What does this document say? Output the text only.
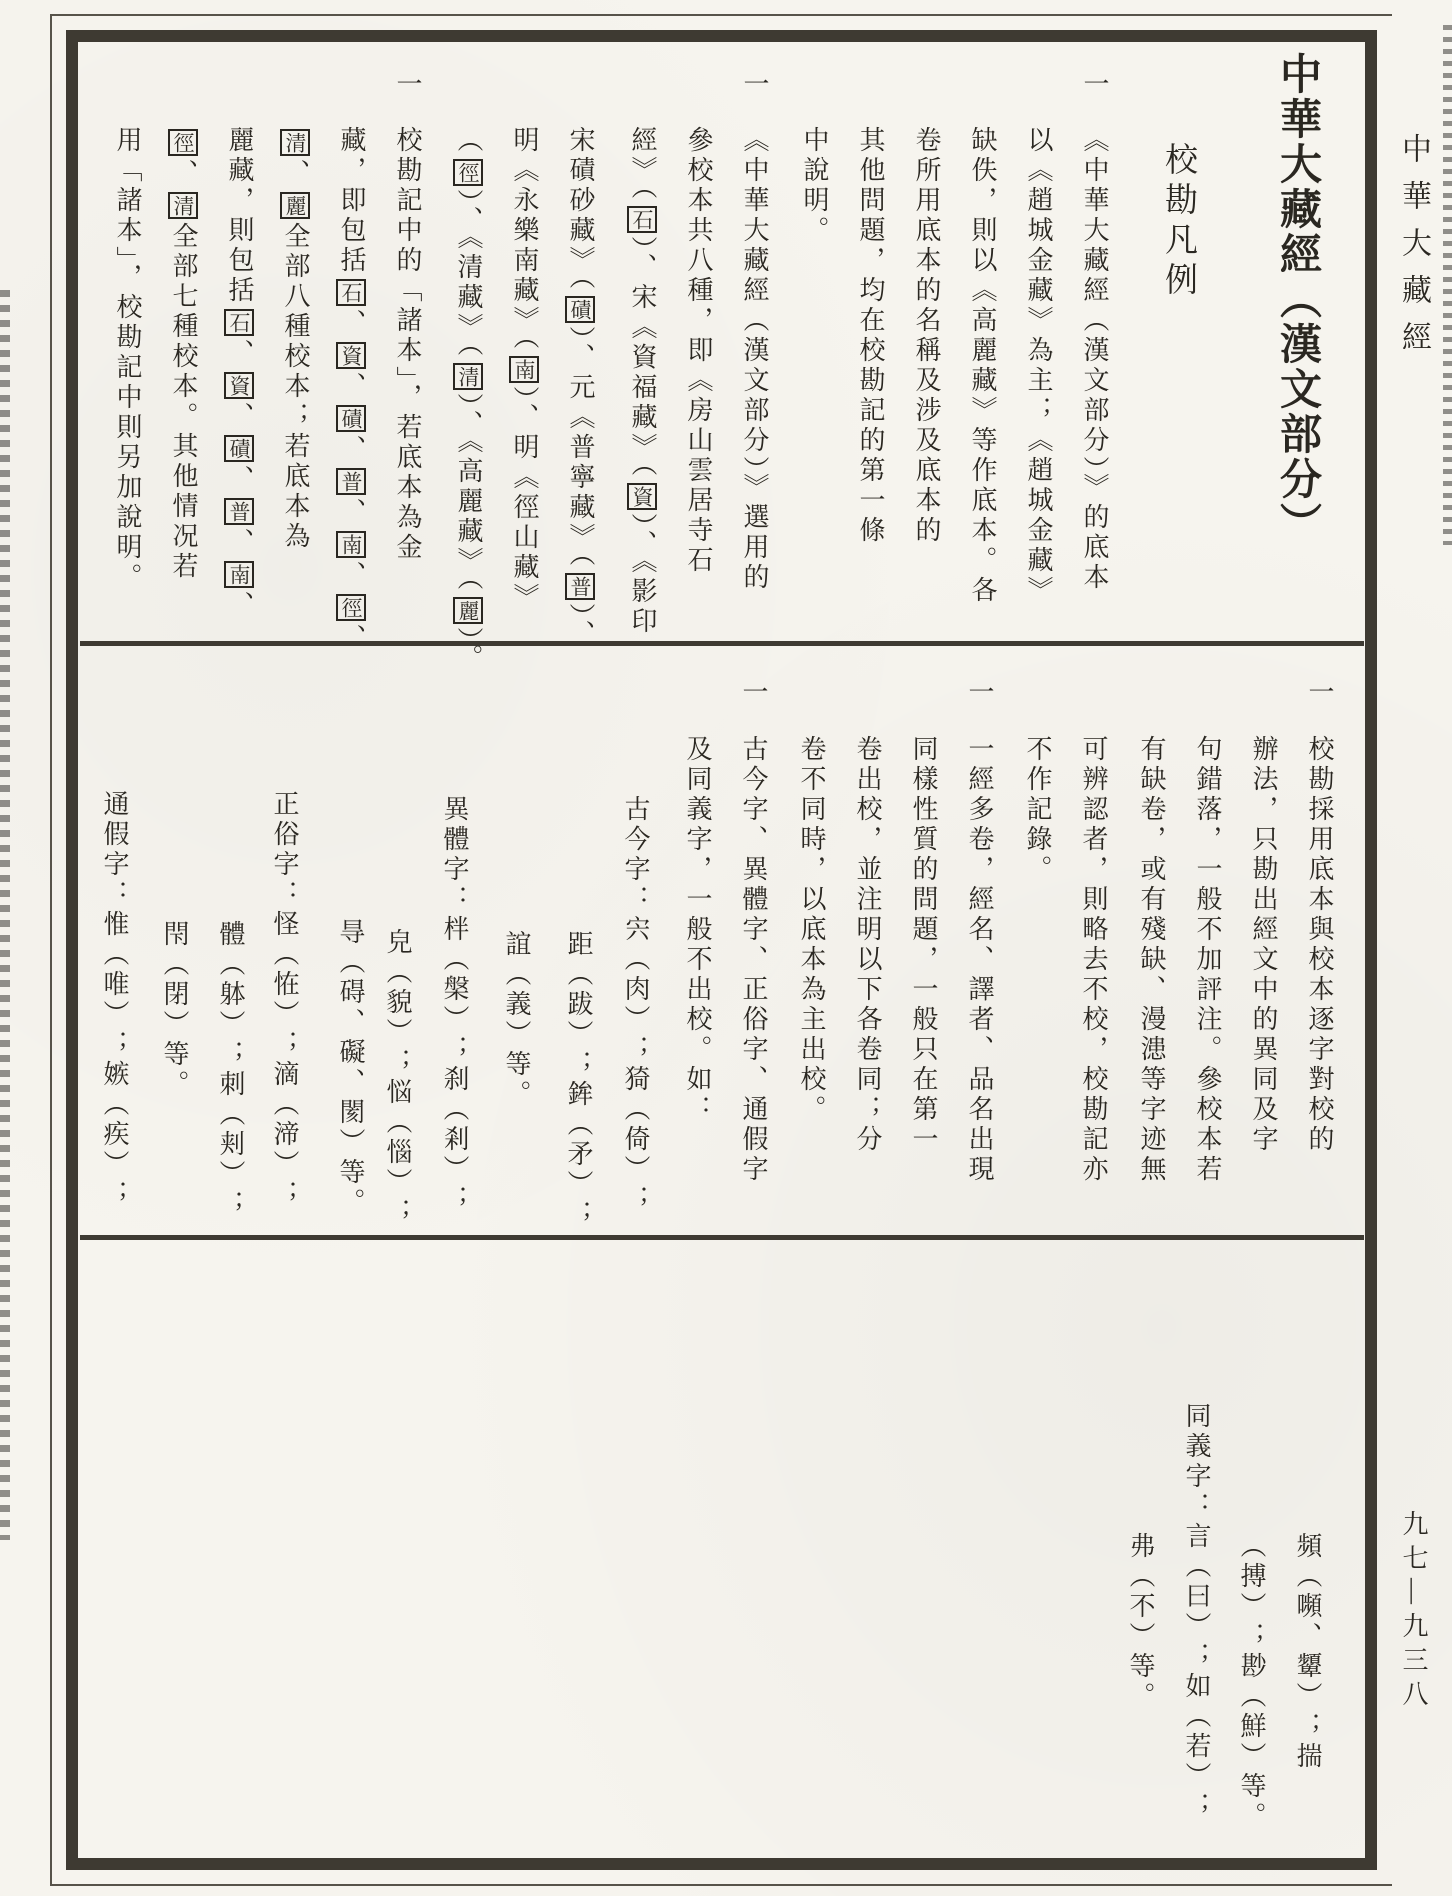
中華大藏經
九七—九三八
中華大藏經（漢文部分）
校勘凡例
一
《中華大藏經（漢文部分）》的底本
以《趙城金藏》為主；《趙城金藏》
缺佚，則以《高麗藏》等作底本。各
卷所用底本的名稱及涉及底本的
其他問題，均在校勘記的第一條
中說明。
一
《中華大藏經（漢文部分）》選用的
參校本共八種，即《房山雲居寺石
經》（石）、宋《資福藏》（資）、《影印
宋磧砂藏》（磧）、元《普寧藏》（普）、
明《永樂南藏》（南）、明《徑山藏》
（徑）、《清藏》（清）、《高麗藏》（麗）。
一
校勘記中的「諸本」，若底本為金
藏，即包括石、資、磧、普、南、徑、
清、麗全部八種校本；若底本為
麗藏，則包括石、資、磧、普、南、
徑、清全部七種校本。其他情况若
用「諸本」，校勘記中則另加說明。
一
校勘採用底本與校本逐字對校的
辦法，只勘出經文中的異同及字
句錯落，一般不加評注。參校本若
有缺卷，或有殘缺、漫漶等字迹無
可辨認者，則略去不校，校勘記亦
不作記錄。
一
一經多卷，經名、譯者、品名出現
同樣性質的問題，一般只在第一
卷出校，並注明以下各卷同；分
卷不同時，以底本為主出校。
一
古今字、異體字、正俗字、通假字
及同義字，一般不出校。如：
古今字：宍（肉）；猗（倚）；
距（跋）；鉾（矛）；
誼（義）等。
異體字：柈（槃）；刹（剎）；
皃（貌）；悩（惱）；
㝵（碍、礙、閡）等。
正俗字：怪（恠）；滴（渧）；
體（躰）；刺（刾）；
閇（閉）等。
通假字：惟（唯）；嫉（疾）；
頻（嚬、顰）；揣
（搏）；尠（鮮）等。
同義字：言（曰）；如（若）；
弗（不）等。
